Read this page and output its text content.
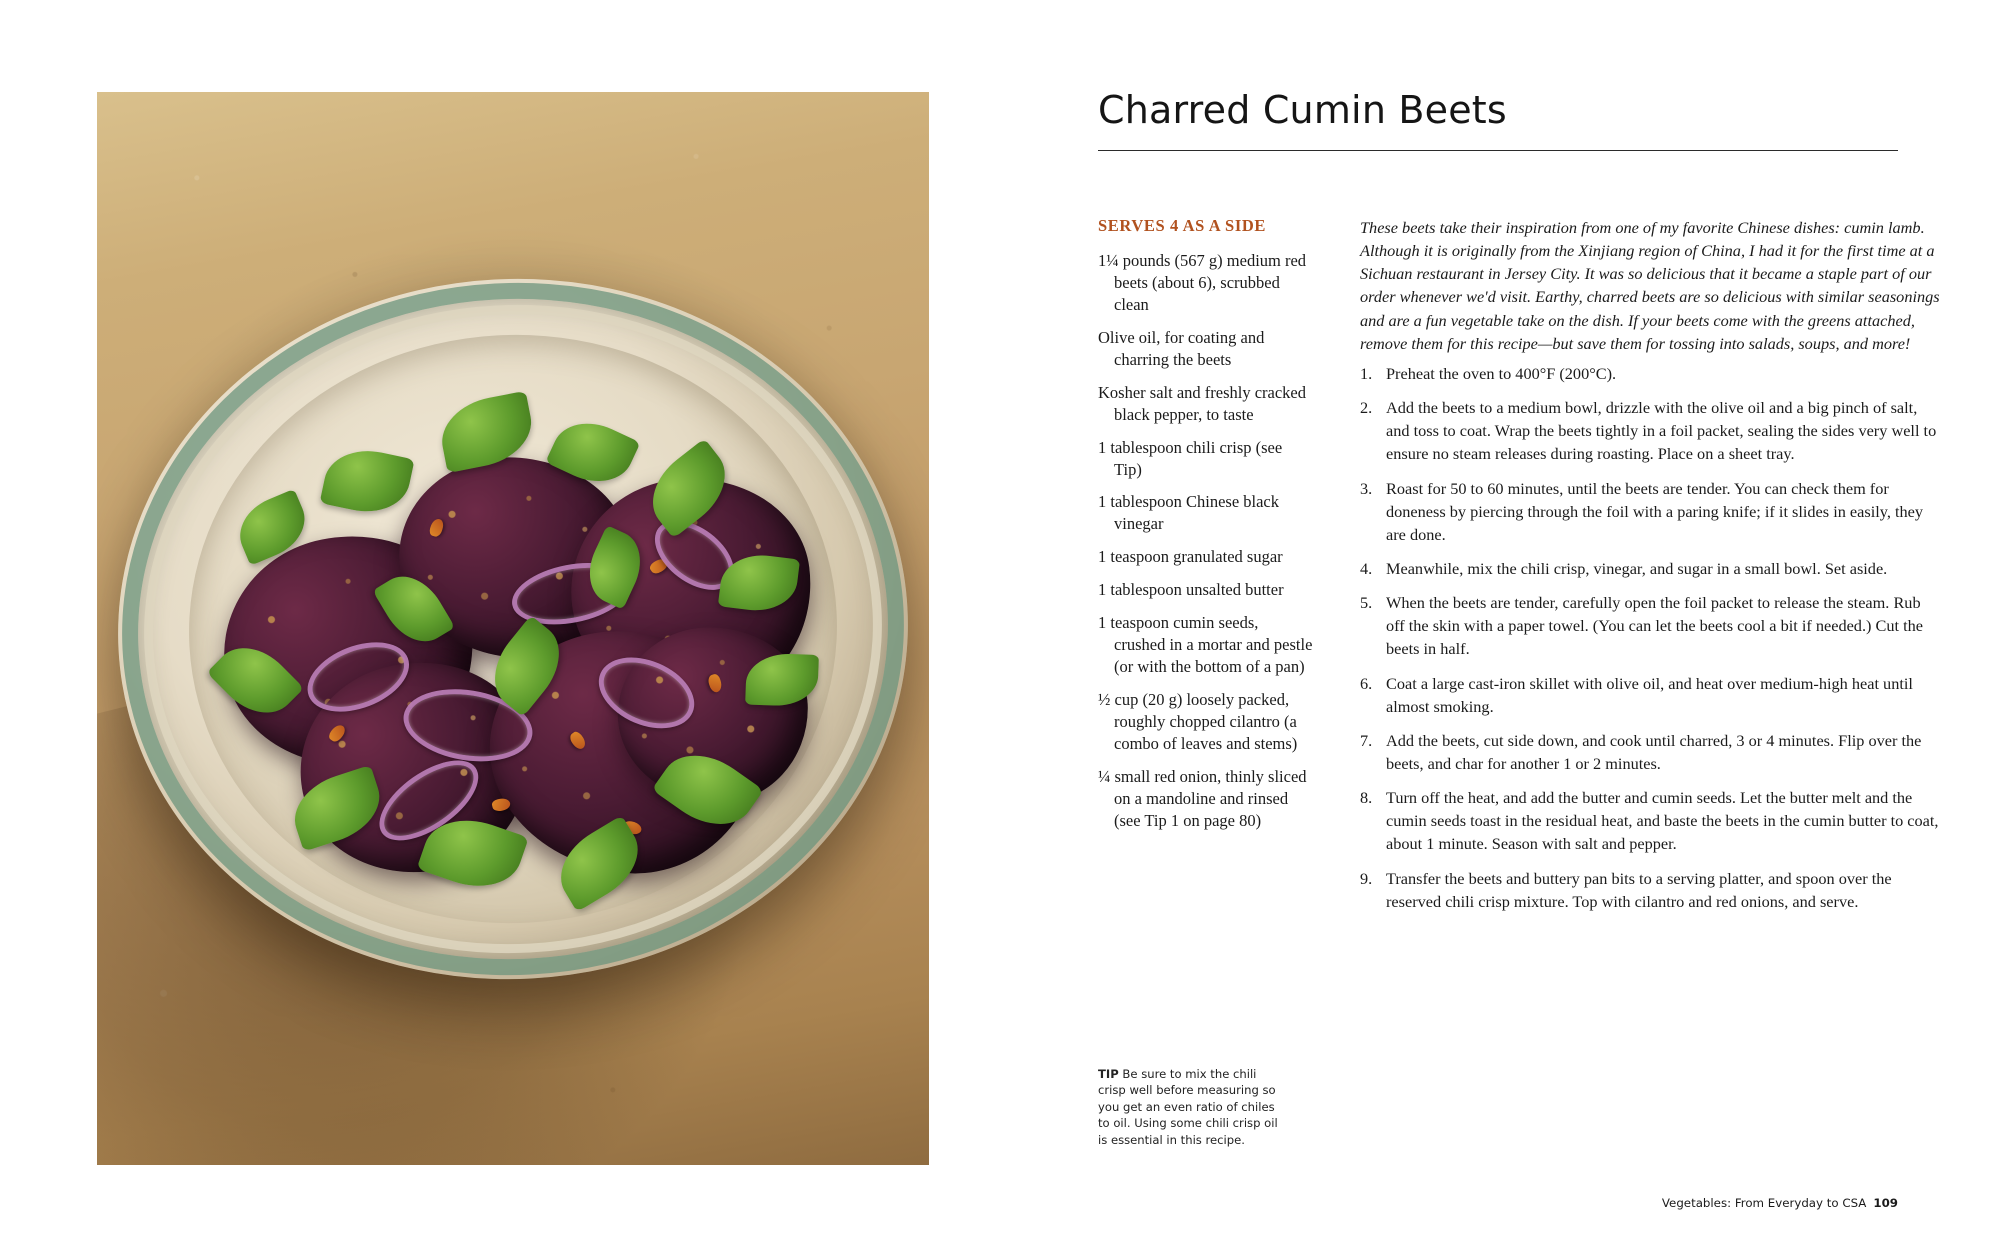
Charred Cumin Beets
SERVES 4 AS A SIDE
1¼ pounds (567 g) medium red
beets (about 6), scrubbed
clean
Olive oil, for coating and
charring the beets
Kosher salt and freshly cracked
black pepper, to taste
1 tablespoon chili crisp (see
Tip)
1 tablespoon Chinese black
vinegar
1 teaspoon granulated sugar
1 tablespoon unsalted butter
1 teaspoon cumin seeds,
crushed in a mortar and pestle
(or with the bottom of a pan)
½ cup (20 g) loosely packed,
roughly chopped cilantro (a
combo of leaves and stems)
¼ small red onion, thinly sliced
on a mandoline and rinsed
(see Tip 1 on page 80)
These beets take their inspiration from one of my favorite Chinese dishes: cumin lamb. Although it is originally from the Xinjiang region of China, I had it for the first time at a Sichuan restaurant in Jersey City. It was so delicious that it became a staple part of our order whenever we'd visit. Earthy, charred beets are so delicious with similar seasonings and are a fun vegetable take on the dish. If your beets come with the greens attached, remove them for this recipe—but save them for tossing into salads, soups, and more!
1. Preheat the oven to 400°F (200°C).
2. Add the beets to a medium bowl, drizzle with the olive oil and a big pinch of salt, and toss to coat. Wrap the beets tightly in a foil packet, sealing the sides very well to ensure no steam releases during roasting. Place on a sheet tray.
3. Roast for 50 to 60 minutes, until the beets are tender. You can check them for doneness by piercing through the foil with a paring knife; if it slides in easily, they are done.
4. Meanwhile, mix the chili crisp, vinegar, and sugar in a small bowl. Set aside.
5. When the beets are tender, carefully open the foil packet to release the steam. Rub off the skin with a paper towel. (You can let the beets cool a bit if needed.) Cut the beets in half.
6. Coat a large cast-iron skillet with olive oil, and heat over medium-high heat until almost smoking.
7. Add the beets, cut side down, and cook until charred, 3 or 4 minutes. Flip over the beets, and char for another 1 or 2 minutes.
8. Turn off the heat, and add the butter and cumin seeds. Let the butter melt and the cumin seeds toast in the residual heat, and baste the beets in the cumin butter to coat, about 1 minute. Season with salt and pepper.
9. Transfer the beets and buttery pan bits to a serving platter, and spoon over the reserved chili crisp mixture. Top with cilantro and red onions, and serve.
TIP Be sure to mix the chili crisp well before measuring so you get an even ratio of chiles to oil. Using some chili crisp oil is essential in this recipe.
Vegetables: From Everyday to CSA 109
